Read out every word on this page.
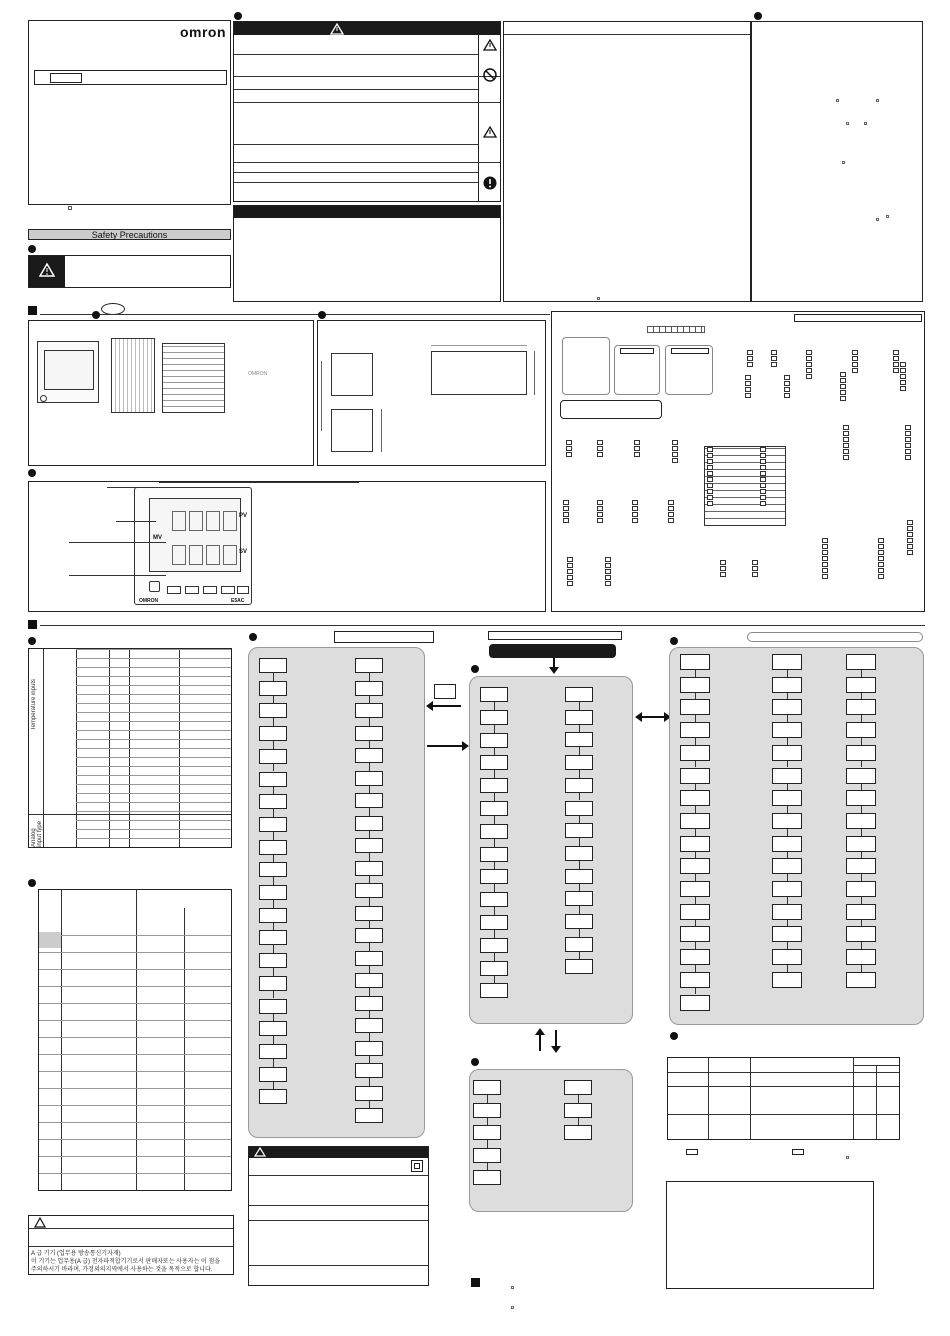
omron
Safety Precautions
OMRON
MV
PV
SV
OMRON	E5AC
Temperature inputs
Analog input type
A 급 기기 (업무용 방송통신기자재)
이 기기는 업무용(A 급) 전자파적합기기로서 판매자또는 사용자는 이 점을
주의하시기 바라며, 가정외의지역에서 사용하는 것을 목적으로 합니다.
